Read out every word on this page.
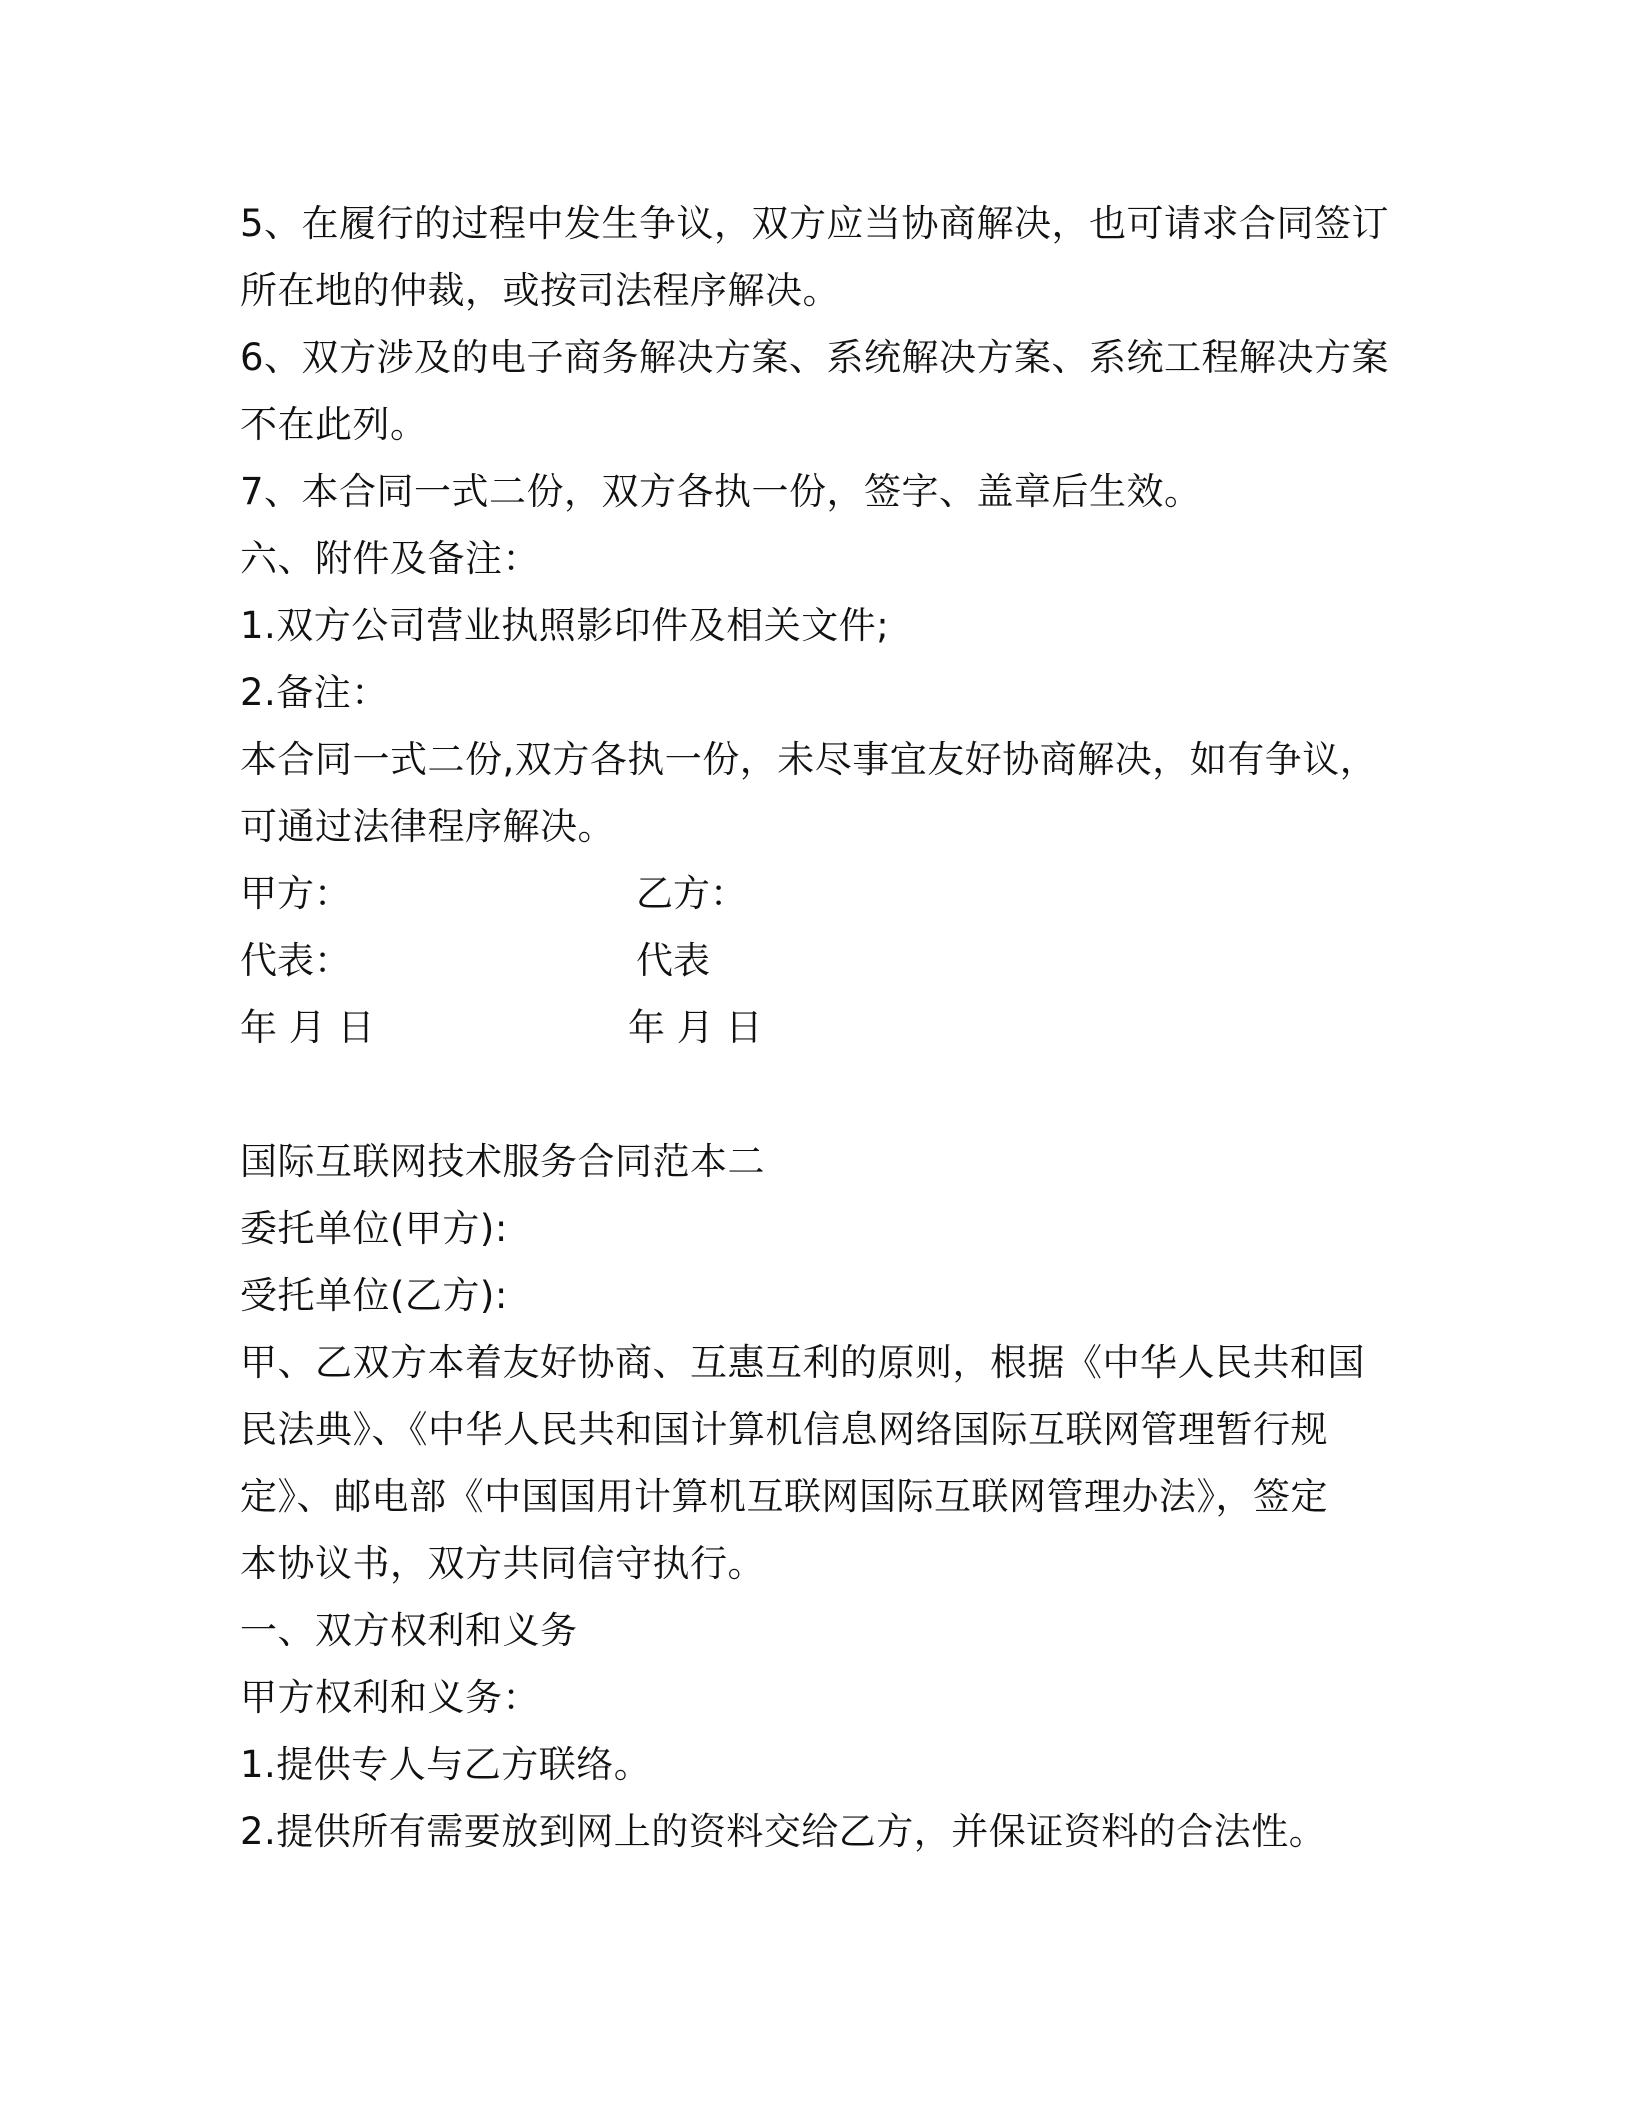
5、在履行的过程中发生争议，双方应当协商解决，也可请求合同签订
所在地的仲裁，或按司法程序解决。
6、双方涉及的电子商务解决方案、系统解决方案、系统工程解决方案
不在此列。
7、本合同一式二份，双方各执一份，签字、盖章后生效。
六、附件及备注：
1.双方公司营业执照影印件及相关文件;
2.备注：
本合同一式二份,双方各执一份，未尽事宜友好协商解决，如有争议，
可通过法律程序解决。
甲方：	乙方：
代表：	代表
年 月 日	年 月 日
国际互联网技术服务合同范本二
委托单位(甲方):
受托单位(乙方):
甲、乙双方本着友好协商、互惠互利的原则，根据《中华人民共和国
民法典》、《中华人民共和国计算机信息网络国际互联网管理暂行规
定》、邮电部《中国国用计算机互联网国际互联网管理办法》，签定
本协议书，双方共同信守执行。
一、双方权利和义务
甲方权利和义务：
1.提供专人与乙方联络。
2.提供所有需要放到网上的资料交给乙方，并保证资料的合法性。
